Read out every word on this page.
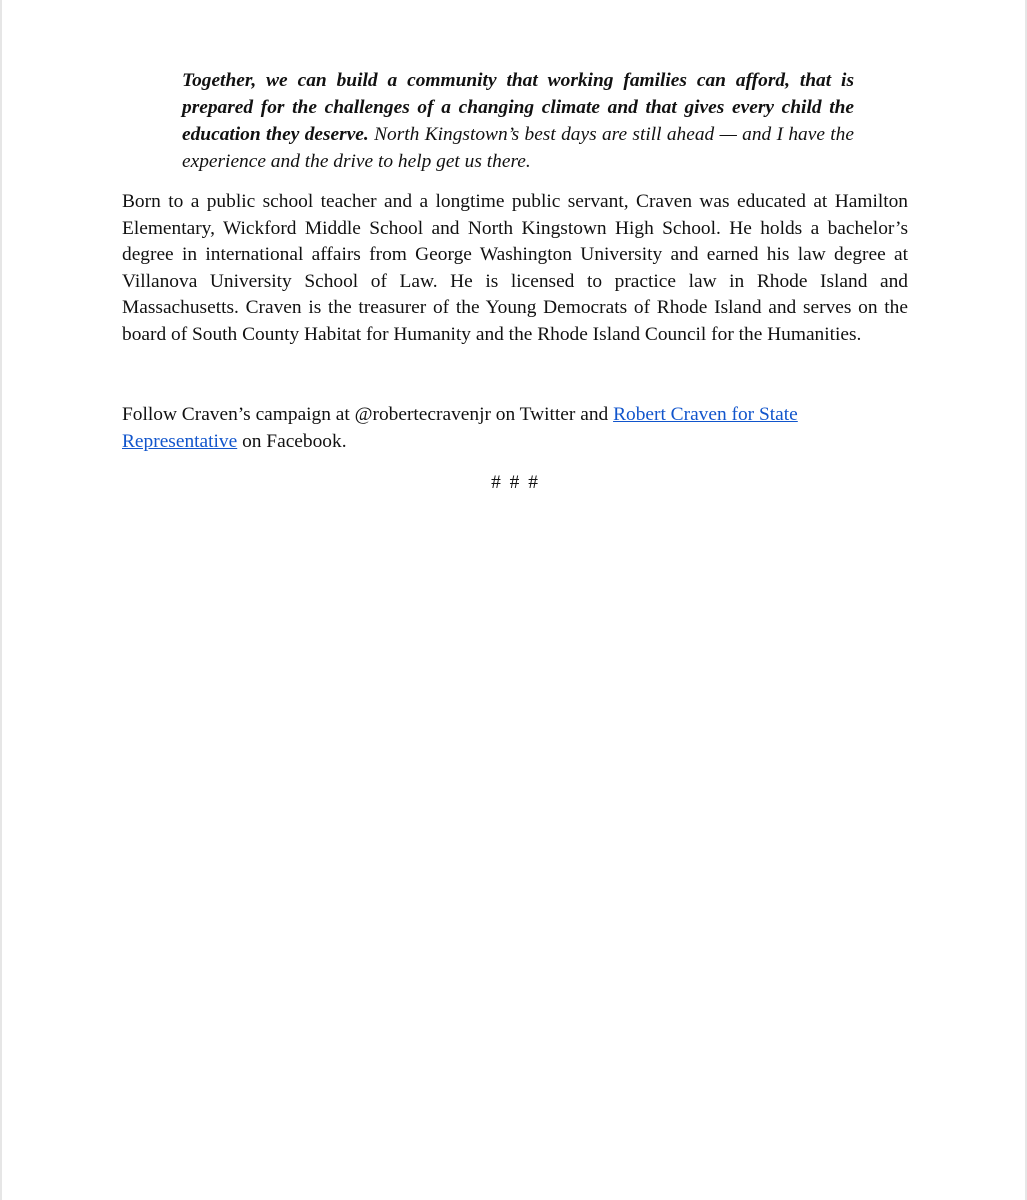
Together, we can build a community that working families can afford, that is prepared for the challenges of a changing climate and that gives every child the education they deserve. North Kingstown’s best days are still ahead — and I have the experience and the drive to help get us there.
Born to a public school teacher and a longtime public servant, Craven was educated at Hamilton Elementary, Wickford Middle School and North Kingstown High School. He holds a bachelor’s degree in international affairs from George Washington University and earned his law degree at Villanova University School of Law. He is licensed to practice law in Rhode Island and Massachusetts. Craven is the treasurer of the Young Democrats of Rhode Island and serves on the board of South County Habitat for Humanity and the Rhode Island Council for the Humanities.
Follow Craven’s campaign at @robertecravenjr on Twitter and Robert Craven for State Representative on Facebook.
# # #
